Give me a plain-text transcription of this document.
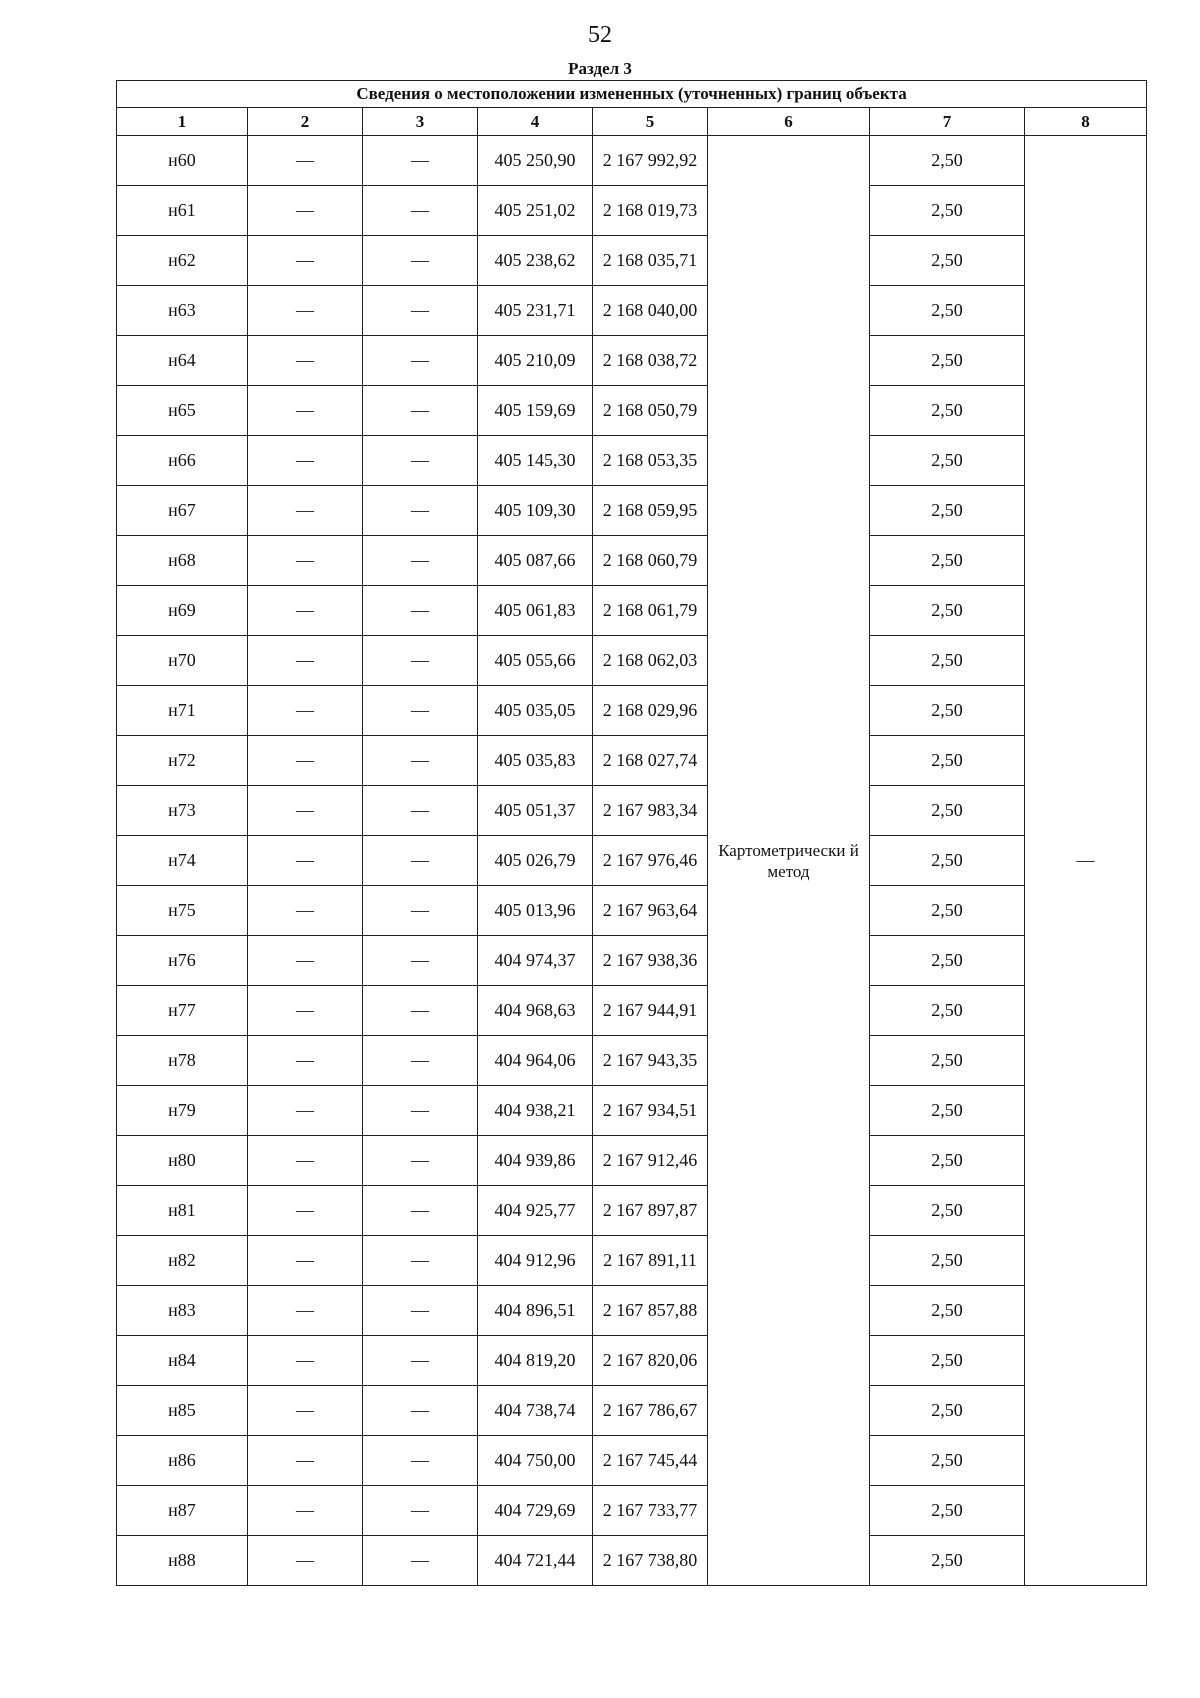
52
Раздел 3
Сведения о местоположении измененных (уточненных) границ объекта							
1	2	3	4	5	6	7	8
н60	—	—	405 250,90	2 167 992,92	Картометрически й метод	2,50	—
н61	—	—	405 251,02	2 168 019,73		2,50	
н62	—	—	405 238,62	2 168 035,71		2,50	
н63	—	—	405 231,71	2 168 040,00		2,50	
н64	—	—	405 210,09	2 168 038,72		2,50	
н65	—	—	405 159,69	2 168 050,79		2,50	
н66	—	—	405 145,30	2 168 053,35		2,50	
н67	—	—	405 109,30	2 168 059,95		2,50	
н68	—	—	405 087,66	2 168 060,79		2,50	
н69	—	—	405 061,83	2 168 061,79		2,50	
н70	—	—	405 055,66	2 168 062,03		2,50	
н71	—	—	405 035,05	2 168 029,96		2,50	
н72	—	—	405 035,83	2 168 027,74		2,50	
н73	—	—	405 051,37	2 167 983,34		2,50	
н74	—	—	405 026,79	2 167 976,46		2,50	
н75	—	—	405 013,96	2 167 963,64		2,50	
н76	—	—	404 974,37	2 167 938,36		2,50	
н77	—	—	404 968,63	2 167 944,91		2,50	
н78	—	—	404 964,06	2 167 943,35		2,50	
н79	—	—	404 938,21	2 167 934,51		2,50	
н80	—	—	404 939,86	2 167 912,46		2,50	
н81	—	—	404 925,77	2 167 897,87		2,50	
н82	—	—	404 912,96	2 167 891,11		2,50	
н83	—	—	404 896,51	2 167 857,88		2,50	
н84	—	—	404 819,20	2 167 820,06		2,50	
н85	—	—	404 738,74	2 167 786,67		2,50	
н86	—	—	404 750,00	2 167 745,44		2,50	
н87	—	—	404 729,69	2 167 733,77		2,50	
н88	—	—	404 721,44	2 167 738,80		2,50	
